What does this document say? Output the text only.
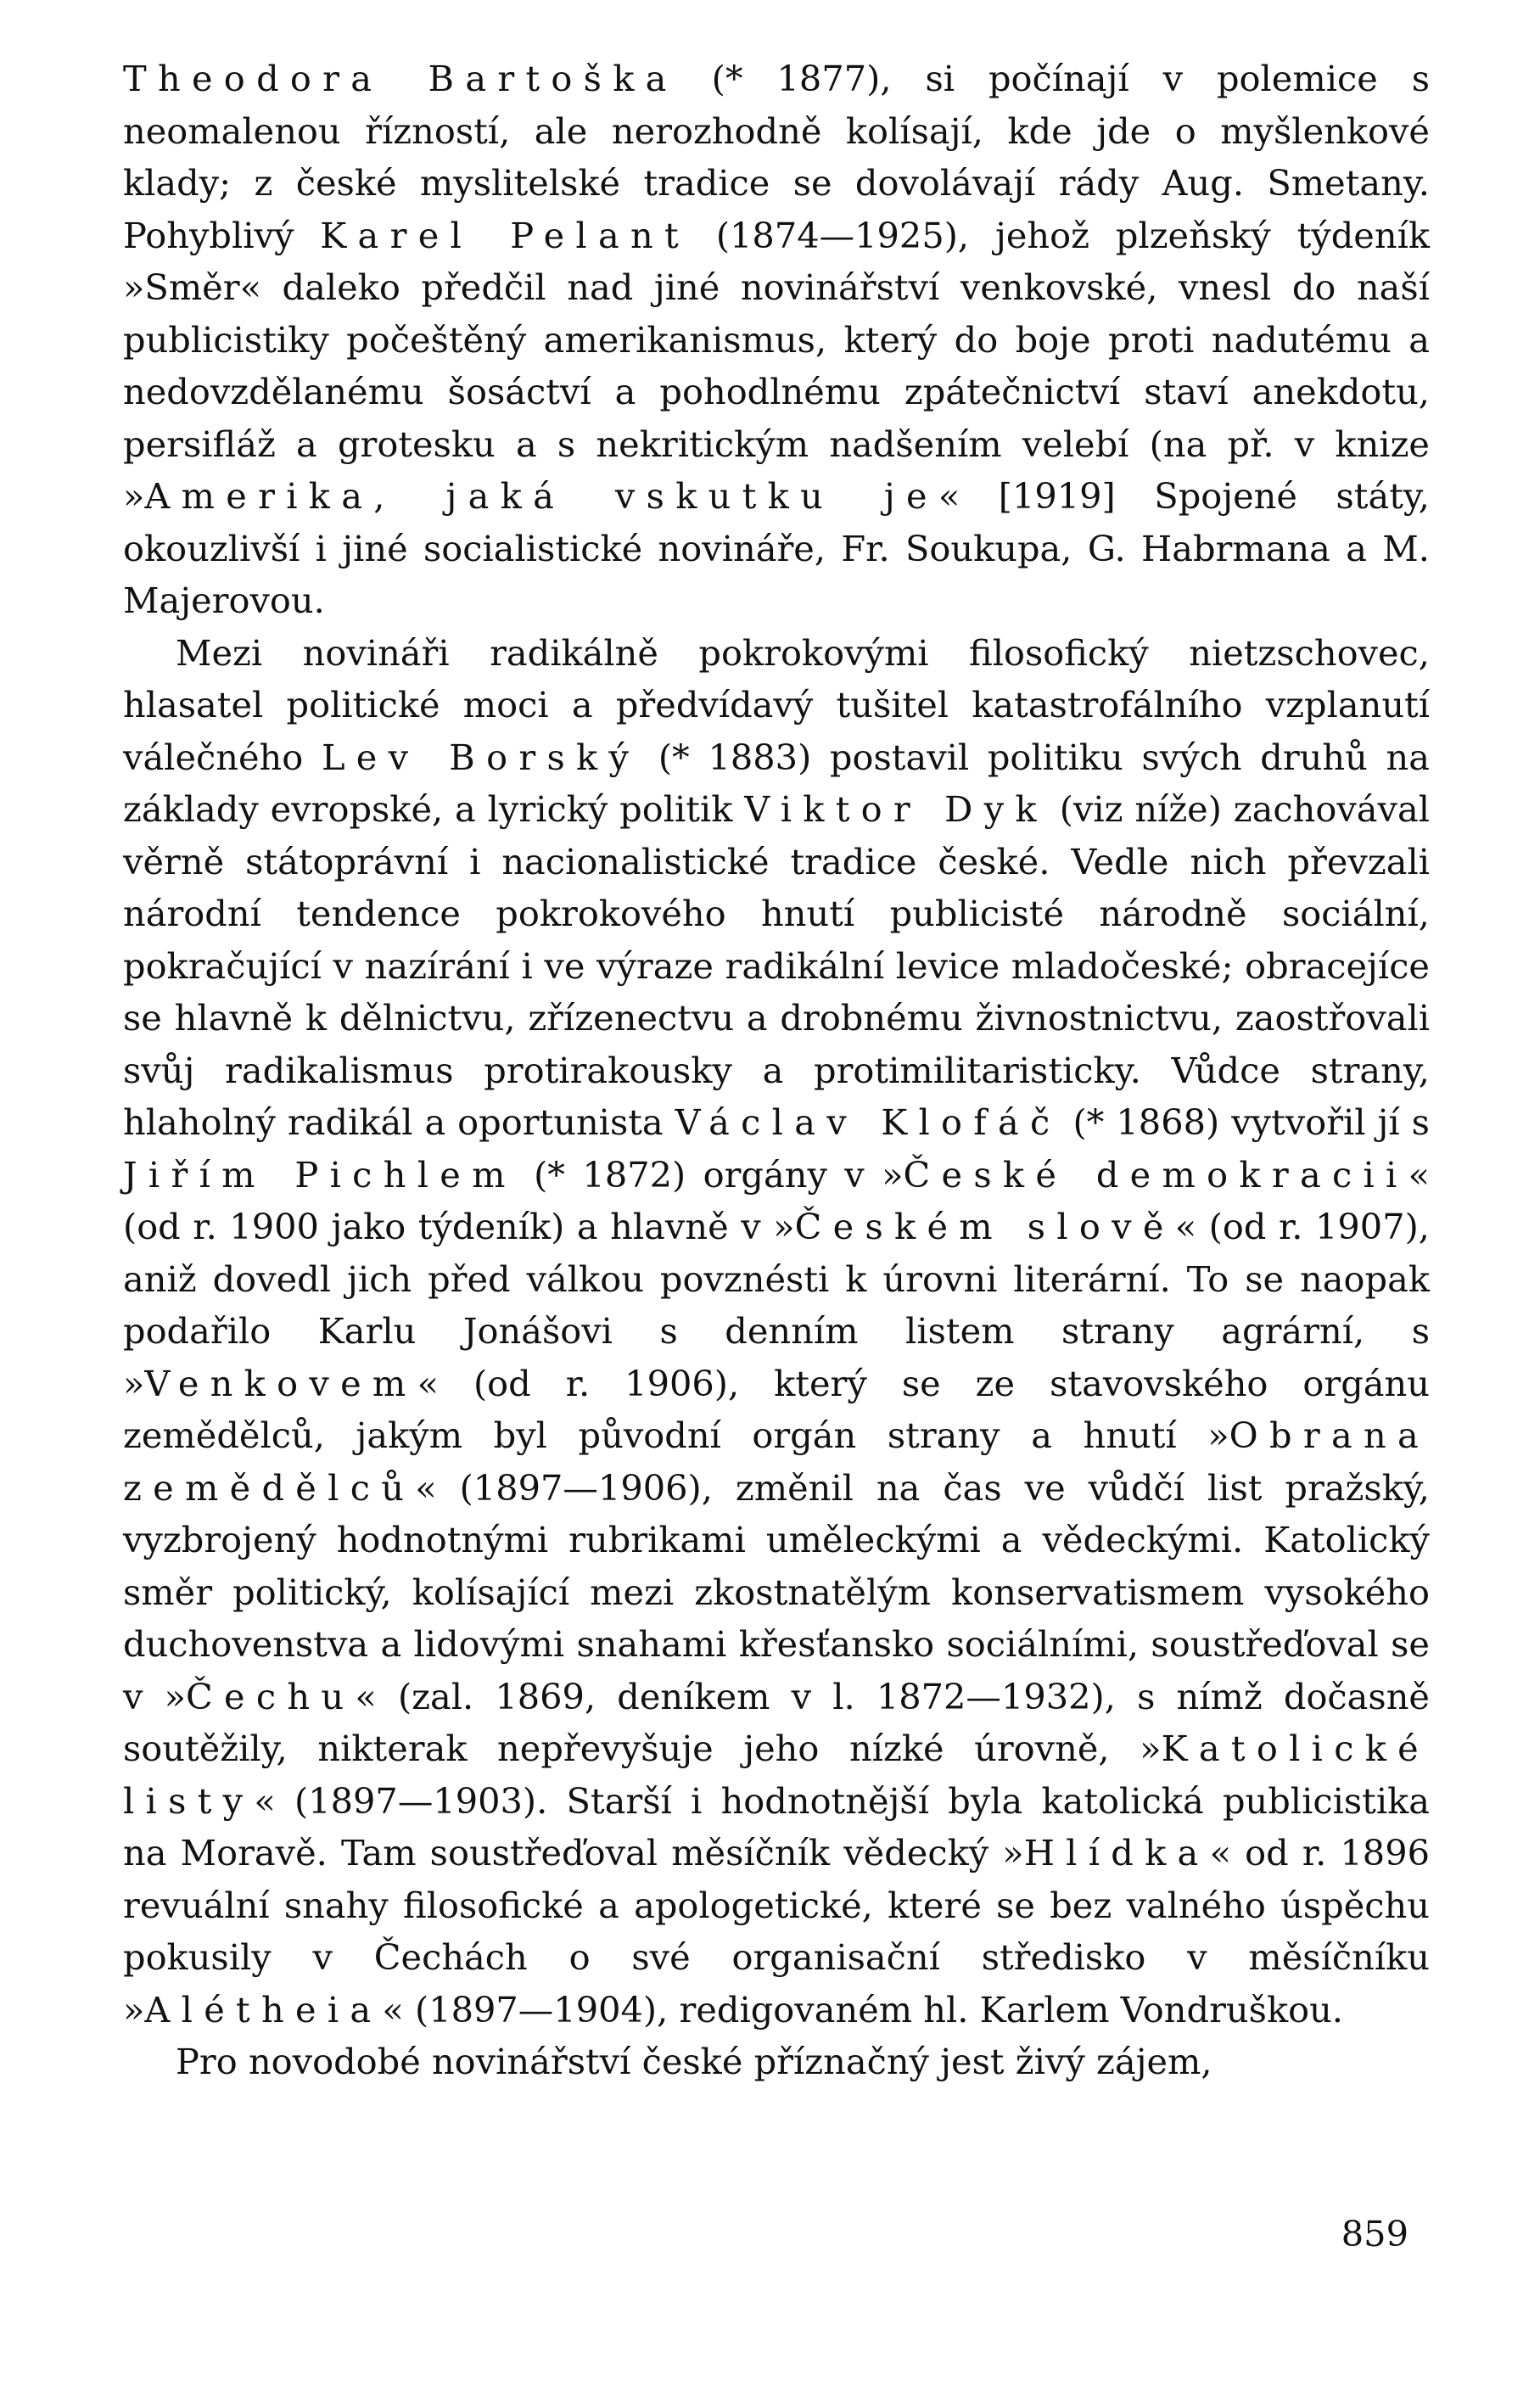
Theodora Bartoška (* 1877), si počínají v polemice s neomalenou řízností, ale nerozhodně kolísají, kde jde o myšlenkové klady; z české myslitelské tradice se dovolávají rády Aug. Smetany. Pohyblivý Karel Pelant (1874—1925), jehož plzeňský týdeník »Směr« daleko předčil nad jiné novinářství venkovské, vnesl do naší publicistiky počeštěný amerikanismus, který do boje proti nadutému a nedovzdělanému šosáctví a pohodlnému zpátečnictví staví anekdotu, persifláž a grotesku a s nekritickým nadšením velebí (na př. v knize »Amerika, jaká vskutku je« [1919] Spojené státy, okouzlivší i jiné socialistické novináře, Fr. Soukupa, G. Habrmana a M. Majerovou.

Mezi novináři radikálně pokrokovými filosofický nietzschovec, hlasatel politické moci a předvídavý tušitel katastrofálního vzplanutí válečného Lev Borský (* 1883) postavil politiku svých druhů na základy evropské, a lyrický politik Viktor Dyk (viz níže) zachovával věrně státoprávní i nacionalistické tradice české. Vedle nich převzali národní tendence pokrokového hnutí publicisté národně sociální, pokračující v nazírání i ve výraze radikální levice mladočeské; obracejíce se hlavně k dělnictvu, zřízenectvu a drobnému živnostnictvu, zaostřovali svůj radikalismus protirakousky a protimilitaristicky. Vůdce strany, hlaholný radikál a oportunista Václav Klofáč (* 1868) vytvořil jí s Jiřím Pichlem (* 1872) orgány v »České demokracii« (od r. 1900 jako týdeník) a hlavně v »Českém slově« (od r. 1907), aniž dovedl jich před válkou povznésti k úrovni literární. To se naopak podařilo Karlu Jonášovi s denním listem strany agrární, s »Venkovem« (od r. 1906), který se ze stavovského orgánu zemědělců, jakým byl původní orgán strany a hnutí »Obrana zemědělců« (1897—1906), změnil na čas ve vůdčí list pražský, vyzbrojený hodnotnými rubrikami uměleckými a vědeckými. Katolický směr politický, kolísající mezi zkostnatělým konservatismem vysokého duchovenstva a lidovými snahami křesťansko sociálními, soustřeďoval se v »Čechu« (zal. 1869, deníkem v l. 1872—1932), s nímž dočasně soutěžily, nikterak nepřevyšuje jeho nízké úrovně, »Katolické listy« (1897—1903). Starší i hodnotnější byla katolická publicistika na Moravě. Tam soustřeďoval měsíčník vědecký »Hlídka« od r. 1896 revuální snahy filosofické a apologetické, které se bez valného úspěchu pokusily v Čechách o své organisační středisko v měsíčníku »Alétheia« (1897—1904), redigovaném hl. Karlem Vondruškou.

Pro novodobé novinářství české příznačný jest živý zájem,

859
